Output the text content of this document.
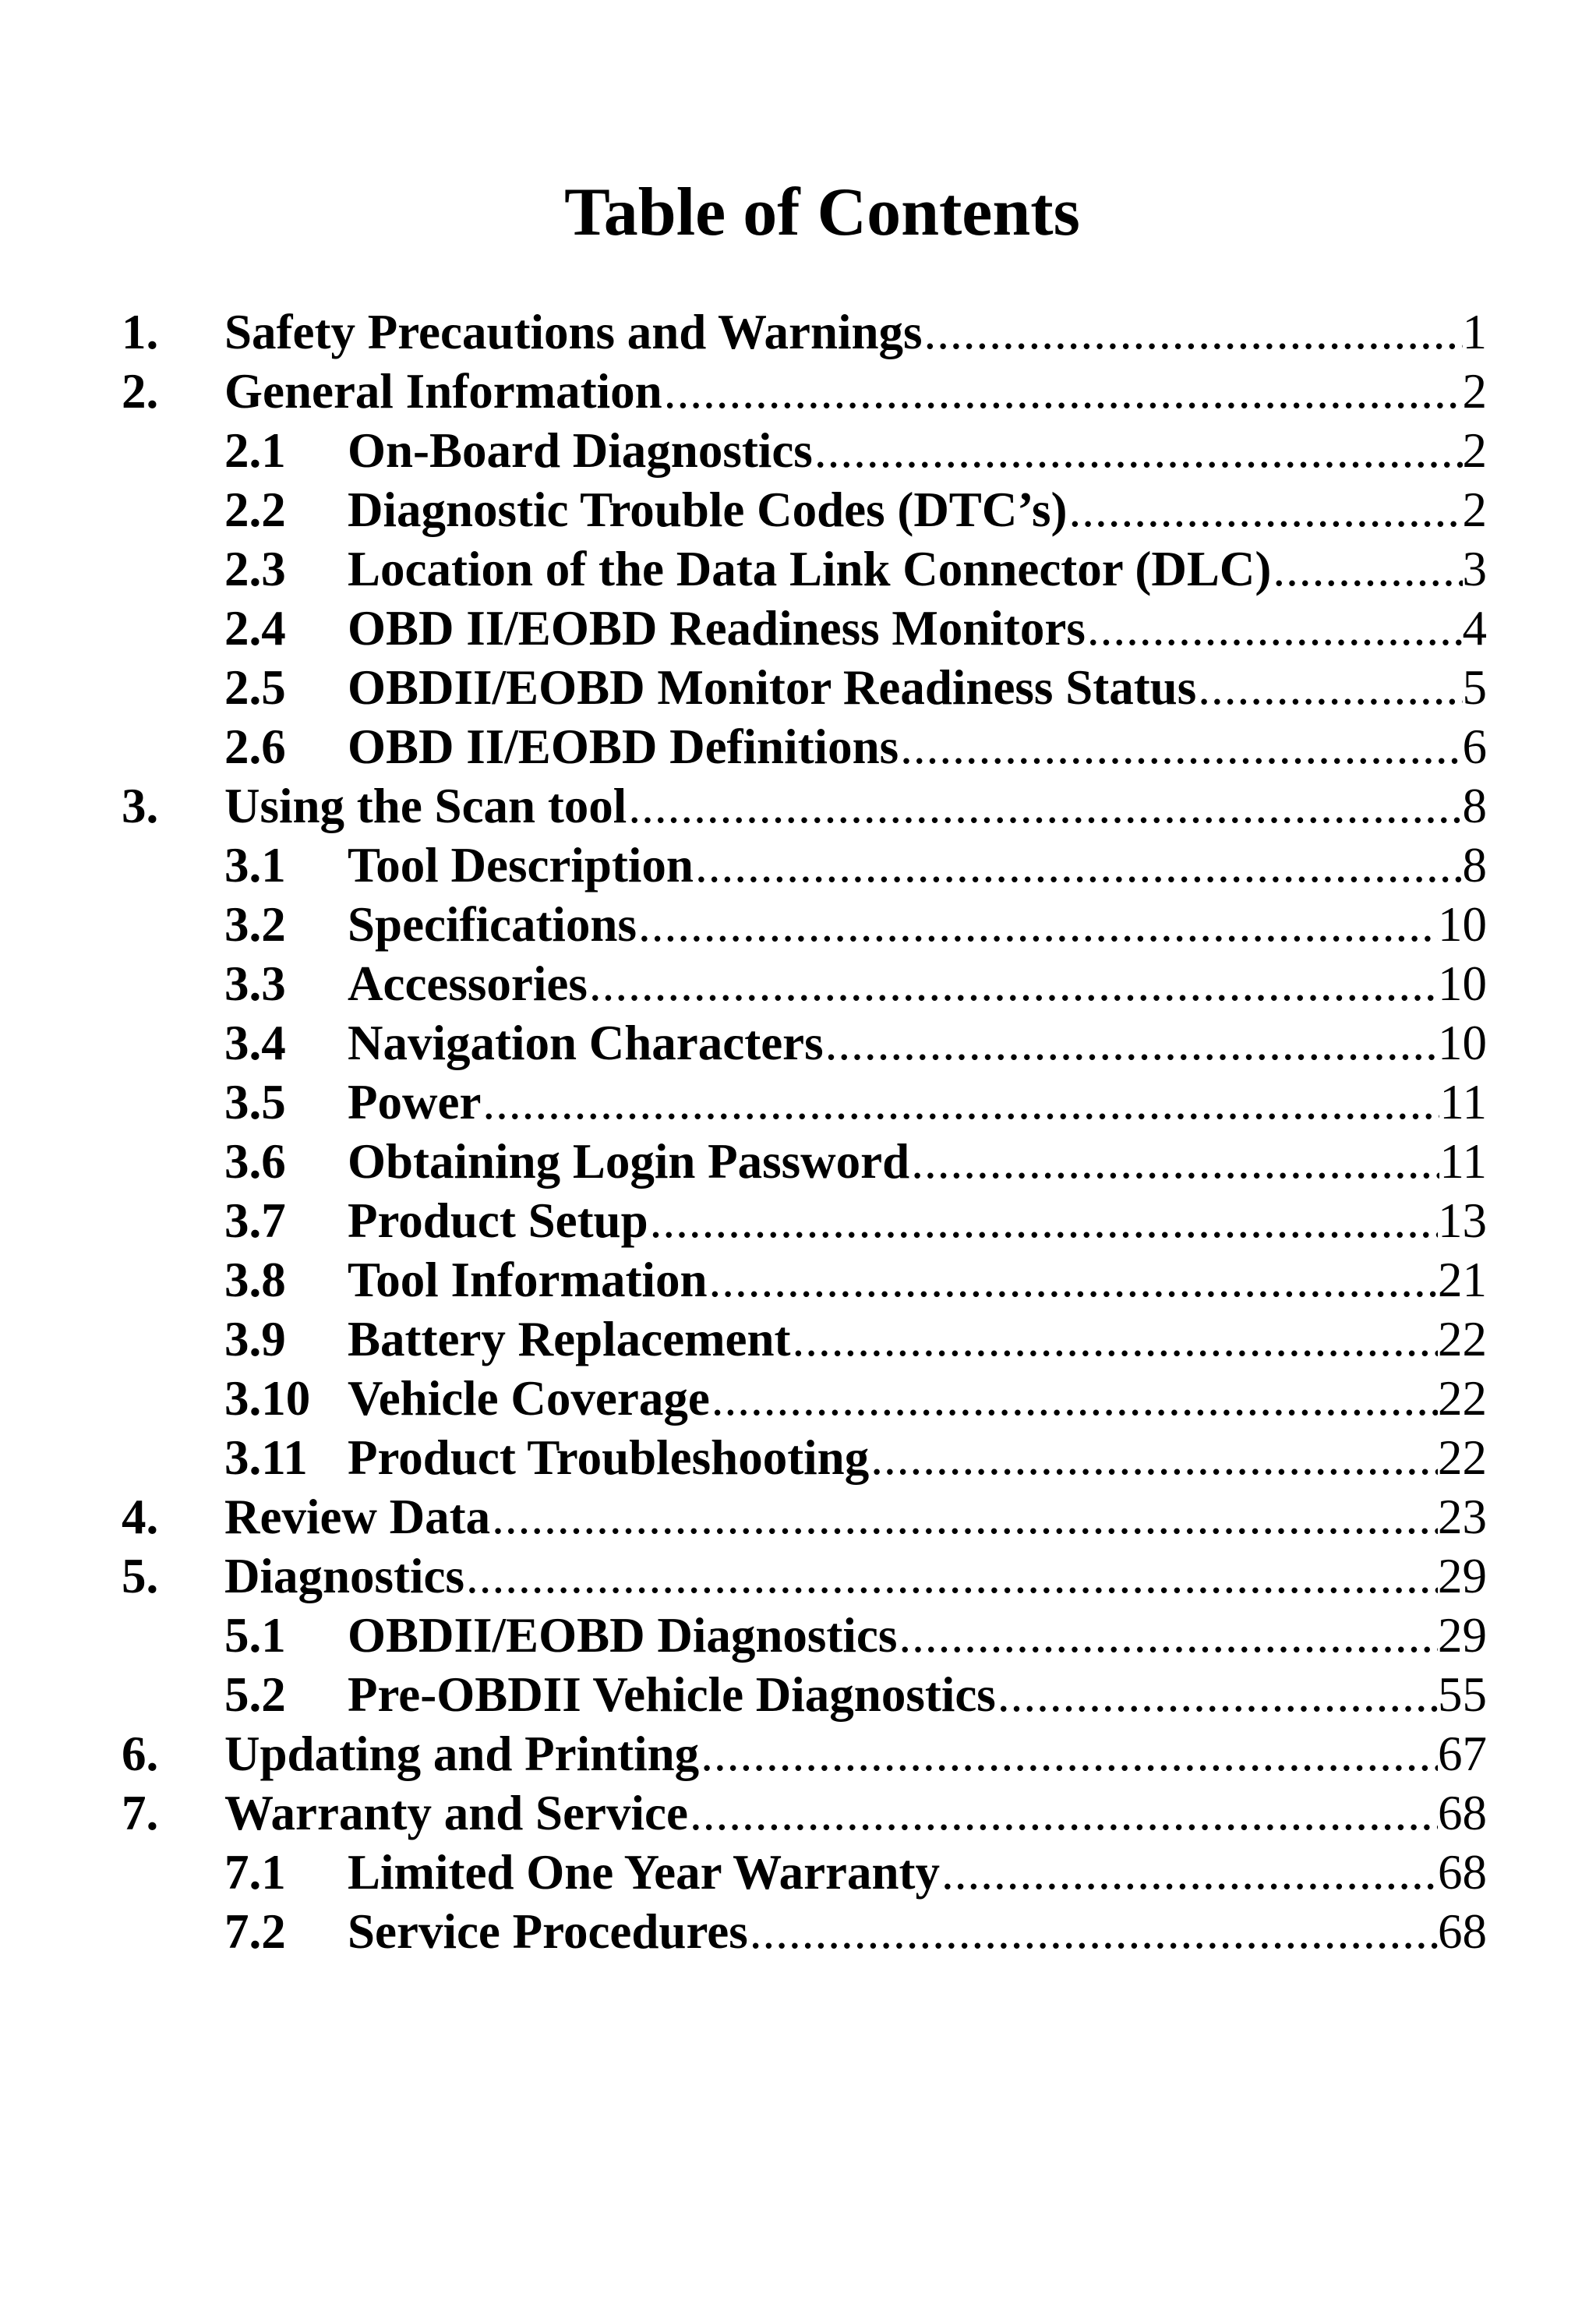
Table of Contents
1. Safety Precautions and Warnings .....	1
2. General Information .....	2
2.1 On-Board Diagnostics .....	2
2.2 Diagnostic Trouble Codes (DTC’s) .....	2
2.3 Location of the Data Link Connector (DLC) .....	3
2.4 OBD II/EOBD Readiness Monitors .....	4
2.5 OBDII/EOBD Monitor Readiness Status .....	5
2.6 OBD II/EOBD Definitions .....	6
3. Using the Scan tool .....	8
3.1 Tool Description .....	8
3.2 Specifications .....	10
3.3 Accessories .....	10
3.4 Navigation Characters .....	10
3.5 Power .....	11
3.6 Obtaining Login Password .....	11
3.7 Product Setup .....	13
3.8 Tool Information .....	21
3.9 Battery Replacement .....	22
3.10 Vehicle Coverage .....	22
3.11 Product Troubleshooting .....	22
4. Review Data .....	23
5. Diagnostics .....	29
5.1 OBDII/EOBD Diagnostics .....	29
5.2 Pre-OBDII Vehicle Diagnostics .....	55
6. Updating and Printing .....	67
7. Warranty and Service .....	68
7.1 Limited One Year Warranty .....	68
7.2 Service Procedures .....	68
